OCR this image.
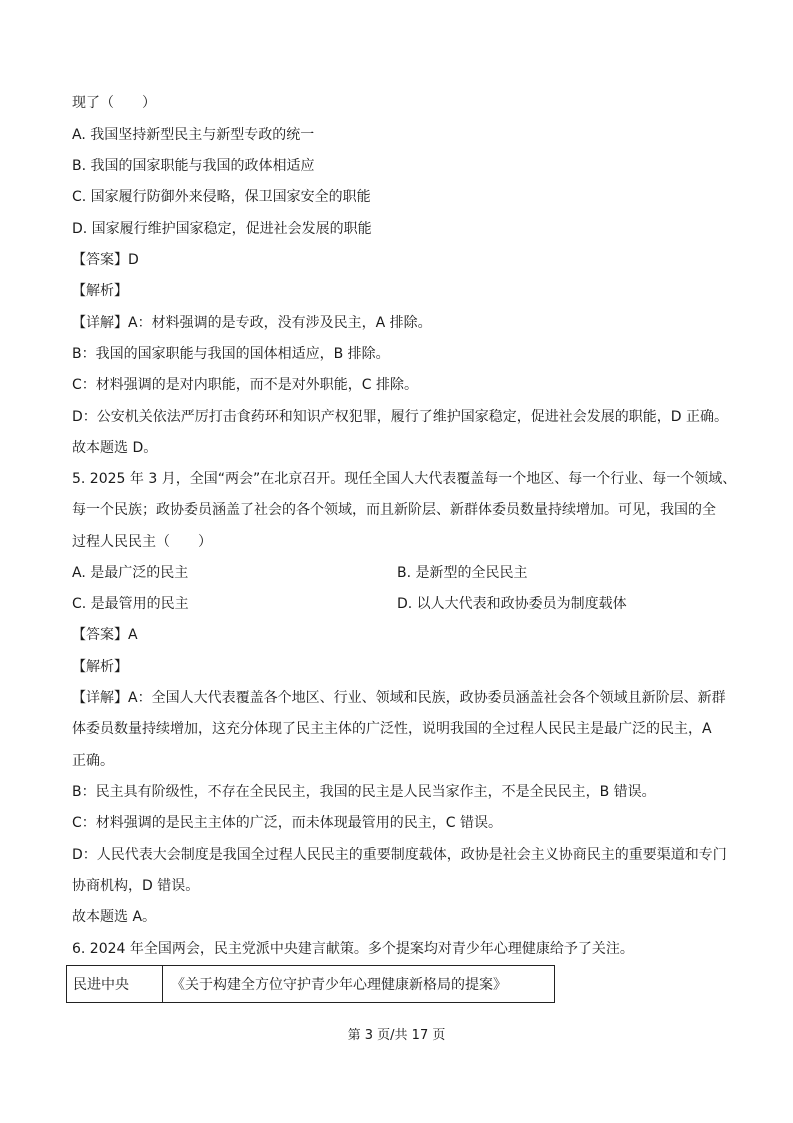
现了（　　）
A. 我国坚持新型民主与新型专政的统一
B. 我国的国家职能与我国的政体相适应
C. 国家履行防御外来侵略，保卫国家安全的职能
D. 国家履行维护国家稳定，促进社会发展的职能
【答案】D
【解析】
【详解】A：材料强调的是专政，没有涉及民主，A 排除。
B：我国的国家职能与我国的国体相适应，B 排除。
C：材料强调的是对内职能，而不是对外职能，C 排除。
D：公安机关依法严厉打击食药环和知识产权犯罪，履行了维护国家稳定，促进社会发展的职能，D 正确。
故本题选 D。
5. 2025 年 3 月，全国“两会”在北京召开。现任全国人大代表覆盖每一个地区、每一个行业、每一个领域、
每一个民族；政协委员涵盖了社会的各个领域，而且新阶层、新群体委员数量持续增加。可见，我国的全
过程人民民主（　　）
A. 是最广泛的民主	B. 是新型的全民民主
C. 是最管用的民主	D. 以人大代表和政协委员为制度载体
【答案】A
【解析】
【详解】A：全国人大代表覆盖各个地区、行业、领域和民族，政协委员涵盖社会各个领域且新阶层、新群
体委员数量持续增加，这充分体现了民主主体的广泛性，说明我国的全过程人民民主是最广泛的民主，A
正确。
B：民主具有阶级性，不存在全民民主，我国的民主是人民当家作主，不是全民民主，B 错误。
C：材料强调的是民主主体的广泛，而未体现最管用的民主，C 错误。
D：人民代表大会制度是我国全过程人民民主的重要制度载体，政协是社会主义协商民主的重要渠道和专门
协商机构，D 错误。
故本题选 A。
6. 2024 年全国两会，民主党派中央建言献策。多个提案均对青少年心理健康给予了关注。
民进中央	《关于构建全方位守护青少年心理健康新格局的提案》
第 3 页/共 17 页
